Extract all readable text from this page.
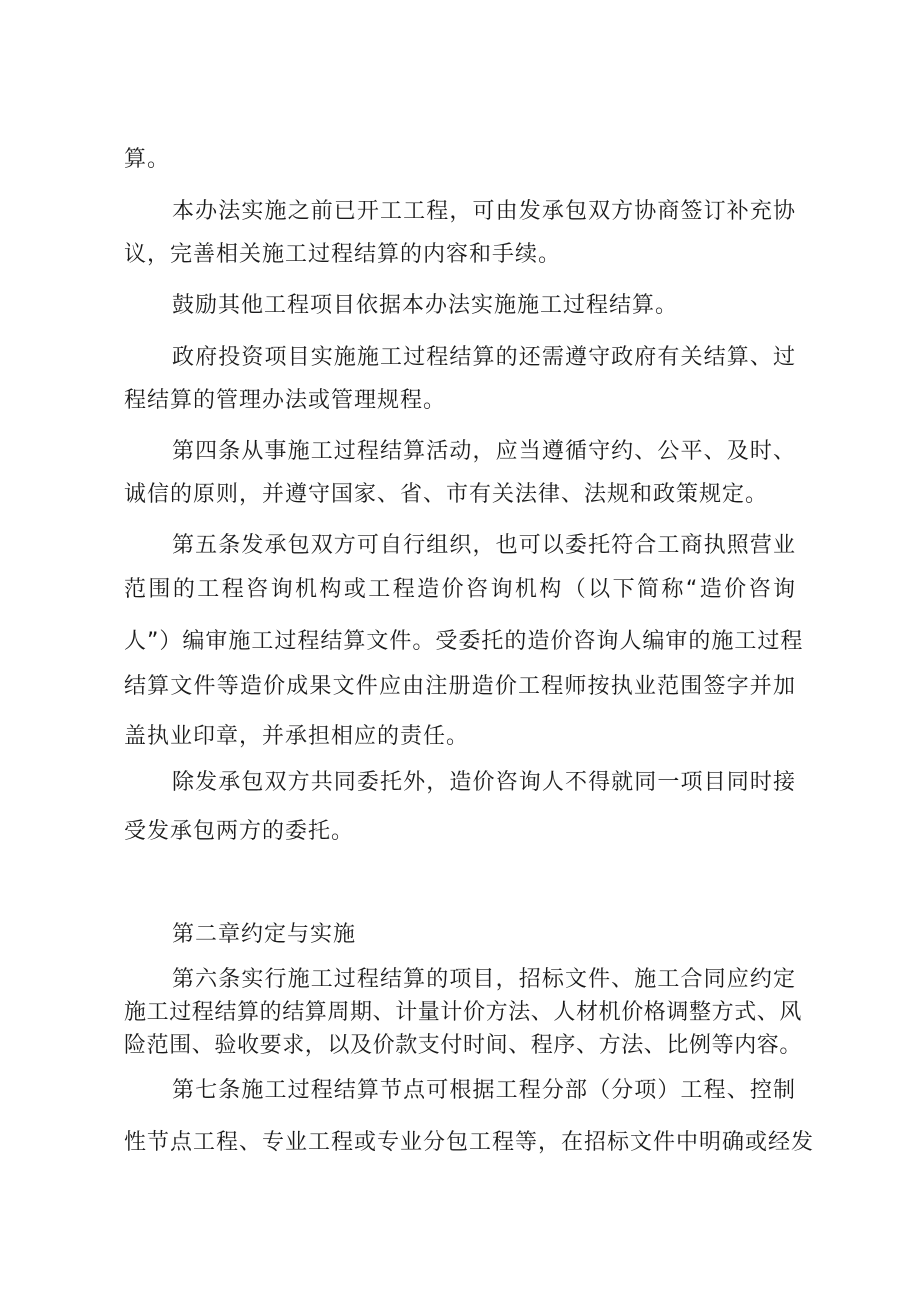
算。
本办法实施之前已开工工程，可由发承包双方协商签订补充协
议，完善相关施工过程结算的内容和手续。
鼓励其他工程项目依据本办法实施施工过程结算。
政府投资项目实施施工过程结算的还需遵守政府有关结算、过
程结算的管理办法或管理规程。
第四条从事施工过程结算活动，应当遵循守约、公平、及时、
诚信的原则，并遵守国家、省、市有关法律、法规和政策规定。
第五条发承包双方可自行组织，也可以委托符合工商执照营业
范围的工程咨询机构或工程造价咨询机构（以下简称“造价咨询
人”）编审施工过程结算文件。受委托的造价咨询人编审的施工过程
结算文件等造价成果文件应由注册造价工程师按执业范围签字并加
盖执业印章，并承担相应的责任。
除发承包双方共同委托外，造价咨询人不得就同一项目同时接
受发承包两方的委托。
第二章约定与实施
第六条实行施工过程结算的项目，招标文件、施工合同应约定
施工过程结算的结算周期、计量计价方法、人材机价格调整方式、风
险范围、验收要求，以及价款支付时间、程序、方法、比例等内容。
第七条施工过程结算节点可根据工程分部（分项）工程、控制
性节点工程、专业工程或专业分包工程等，在招标文件中明确或经发
